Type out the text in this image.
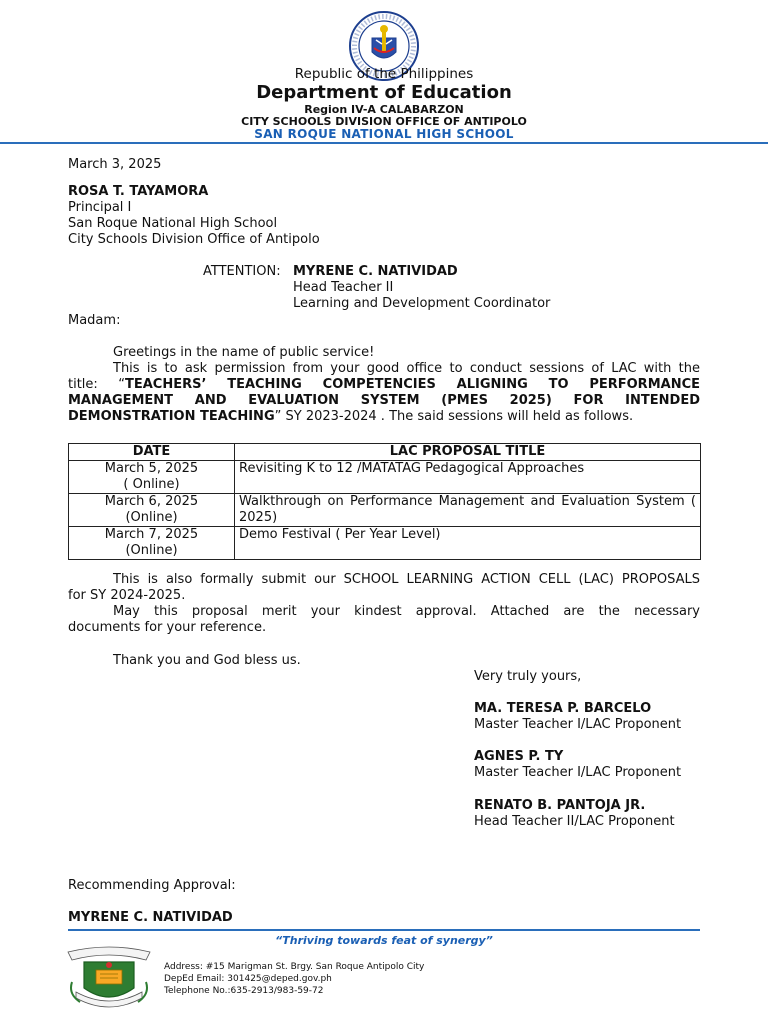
Republic of the Philippines
Department of Education
Region IV-A CALABARZON
CITY SCHOOLS DIVISION OFFICE OF ANTIPOLO
SAN ROQUE NATIONAL HIGH SCHOOL
March 3, 2025
ROSA T. TAYAMORA
Principal I
San Roque National High School
City Schools Division Office of Antipolo
ATTENTION: MYRENE C. NATIVIDAD
Head Teacher II
Learning and Development Coordinator
Madam:
Greetings in the name of public service!
This is to ask permission from your good office to conduct sessions of LAC with the
title: “TEACHERS’ TEACHING COMPETENCIES ALIGNING TO PERFORMANCE
MANAGEMENT AND EVALUATION SYSTEM (PMES 2025) FOR INTENDED
DEMONSTRATION TEACHING” SY 2023-2024 . The said sessions will held as follows.
DATE	LAC PROPOSAL TITLE

March 5, 2025
( Online)	Revisiting K to 12 /MATATAG Pedagogical Approaches

March 6, 2025
(Online)	Walkthrough on Performance Management and Evaluation System ( 2025)

March 7, 2025
(Online)	Demo Festival ( Per Year Level)
This is also formally submit our SCHOOL LEARNING ACTION CELL (LAC) PROPOSALS
for SY 2024-2025.
May this proposal merit your kindest approval. Attached are the necessary
documents for your reference.
Thank you and God bless us.
Very truly yours,
MA. TERESA P. BARCELO
Master Teacher I/LAC Proponent
AGNES P. TY
Master Teacher I/LAC Proponent
RENATO B. PANTOJA JR.
Head Teacher II/LAC Proponent
Recommending Approval:
MYRENE C. NATIVIDAD
“Thriving towards feat of synergy”
Address: #15 Marigman St. Brgy. San Roque Antipolo City
DepEd Email: 301425@deped.gov.ph
Telephone No.:635-2913/983-59-72
